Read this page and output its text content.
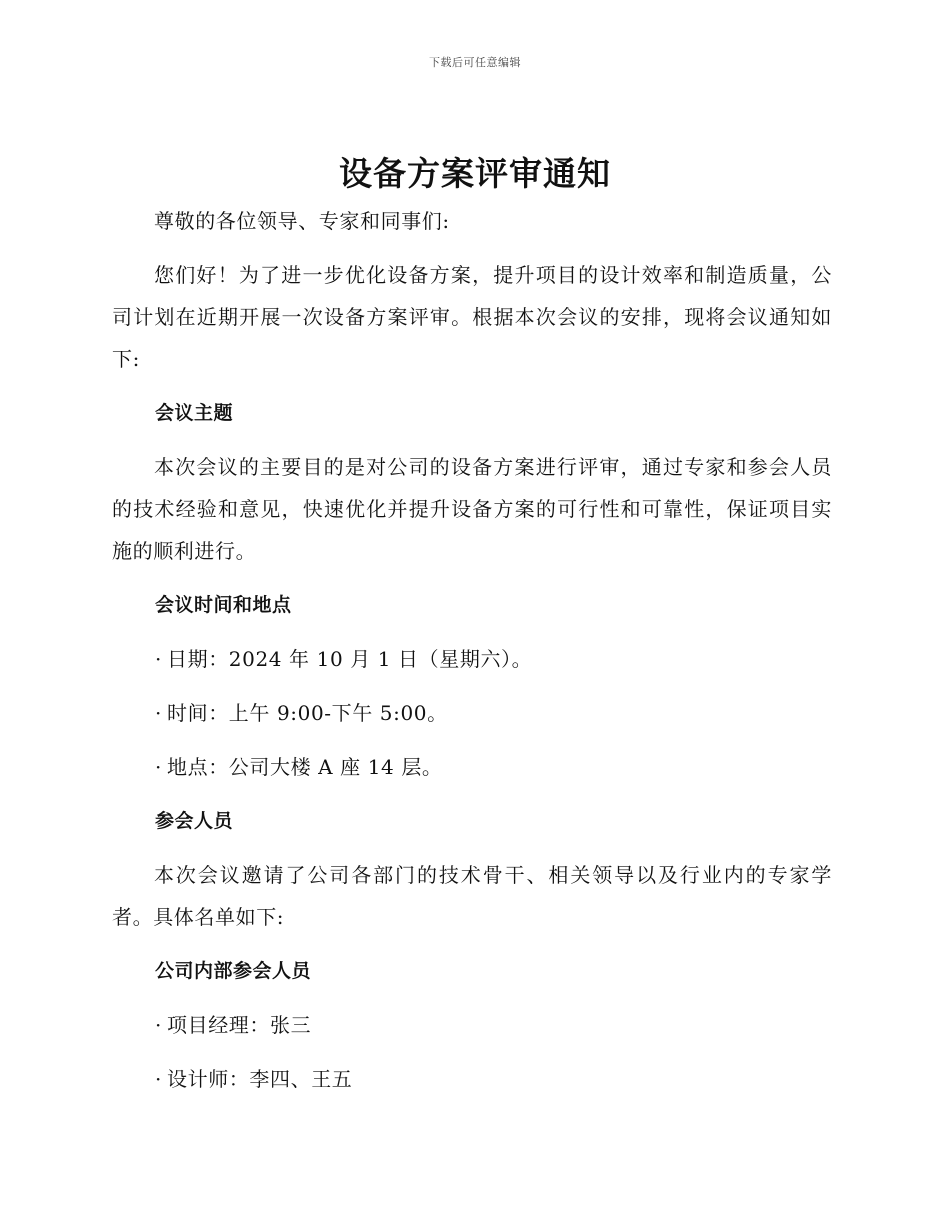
下载后可任意编辑
设备方案评审通知

尊敬的各位领导、专家和同事们:

您们好！为了进一步优化设备方案，提升项目的设计效率和制造质量，公司计划在近期开展一次设备方案评审。根据本次会议的安排，现将会议通知如下:

会议主题

本次会议的主要目的是对公司的设备方案进行评审，通过专家和参会人员的技术经验和意见，快速优化并提升设备方案的可行性和可靠性，保证项目实施的顺利进行。

会议时间和地点
· 日期：2024 年 10 月 1 日（星期六）。
· 时间：上午 9:00-下午 5:00。
· 地点：公司大楼 A 座 14 层。
参会人员

本次会议邀请了公司各部门的技术骨干、相关领导以及行业内的专家学者。具体名单如下:

公司内部参会人员
· 项目经理：张三
· 设计师：李四、王五
